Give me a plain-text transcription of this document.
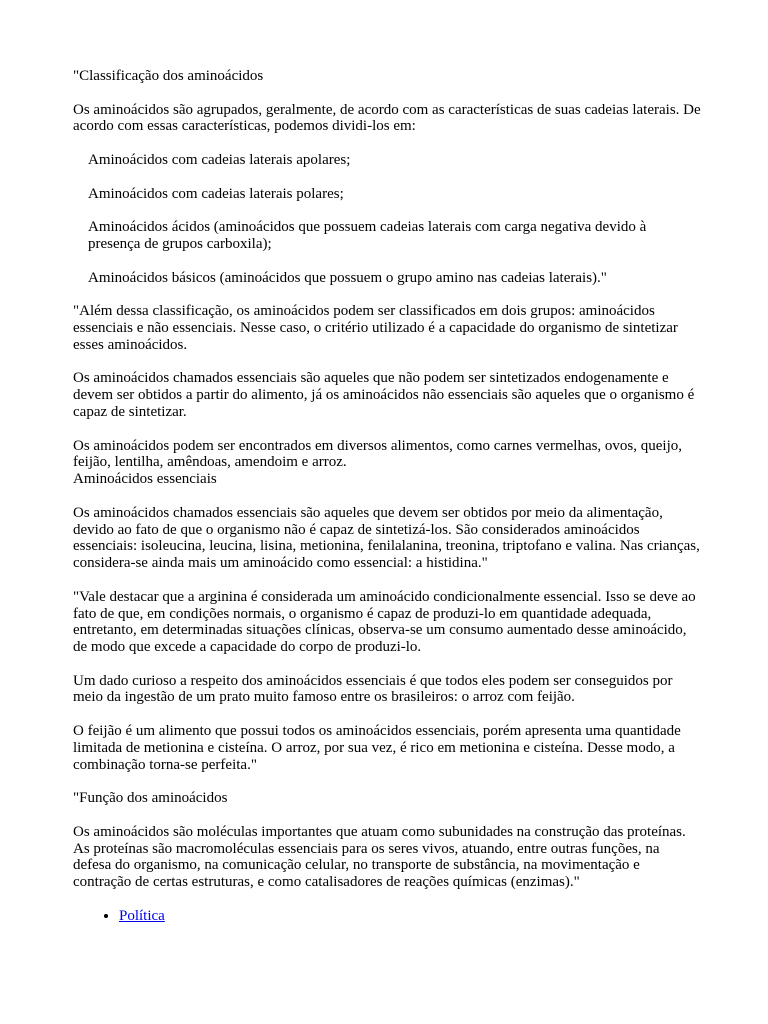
"Classificação dos aminoácidos

Os aminoácidos são agrupados, geralmente, de acordo com as características de suas cadeias laterais. De acordo com essas características, podemos dividi-los em:

Aminoácidos com cadeias laterais apolares;

Aminoácidos com cadeias laterais polares;

Aminoácidos ácidos (aminoácidos que possuem cadeias laterais com carga negativa devido à presença de grupos carboxila);

Aminoácidos básicos (aminoácidos que possuem o grupo amino nas cadeias laterais)."

"Além dessa classificação, os aminoácidos podem ser classificados em dois grupos: aminoácidos essenciais e não essenciais. Nesse caso, o critério utilizado é a capacidade do organismo de sintetizar esses aminoácidos.

Os aminoácidos chamados essenciais são aqueles que não podem ser sintetizados endogenamente e devem ser obtidos a partir do alimento, já os aminoácidos não essenciais são aqueles que o organismo é capaz de sintetizar.

Os aminoácidos podem ser encontrados em diversos alimentos, como carnes vermelhas, ovos, queijo, feijão, lentilha, amêndoas, amendoim e arroz.
Aminoácidos essenciais

Os aminoácidos chamados essenciais são aqueles que devem ser obtidos por meio da alimentação, devido ao fato de que o organismo não é capaz de sintetizá-los. São considerados aminoácidos essenciais: isoleucina, leucina, lisina, metionina, fenilalanina, treonina, triptofano e valina. Nas crianças, considera-se ainda mais um aminoácido como essencial: a histidina."

"Vale destacar que a arginina é considerada um aminoácido condicionalmente essencial. Isso se deve ao fato de que, em condições normais, o organismo é capaz de produzi-lo em quantidade adequada, entretanto, em determinadas situações clínicas, observa-se um consumo aumentado desse aminoácido, de modo que excede a capacidade do corpo de produzi-lo.

Um dado curioso a respeito dos aminoácidos essenciais é que todos eles podem ser conseguidos por meio da ingestão de um prato muito famoso entre os brasileiros: o arroz com feijão.

O feijão é um alimento que possui todos os aminoácidos essenciais, porém apresenta uma quantidade limitada de metionina e cisteína. O arroz, por sua vez, é rico em metionina e cisteína. Desse modo, a combinação torna-se perfeita."

"Função dos aminoácidos

Os aminoácidos são moléculas importantes que atuam como subunidades na construção das proteínas. As proteínas são macromoléculas essenciais para os seres vivos, atuando, entre outras funções, na defesa do organismo, na comunicação celular, no transporte de substância, na movimentação e contração de certas estruturas, e como catalisadores de reações químicas (enzimas)."

• Política
